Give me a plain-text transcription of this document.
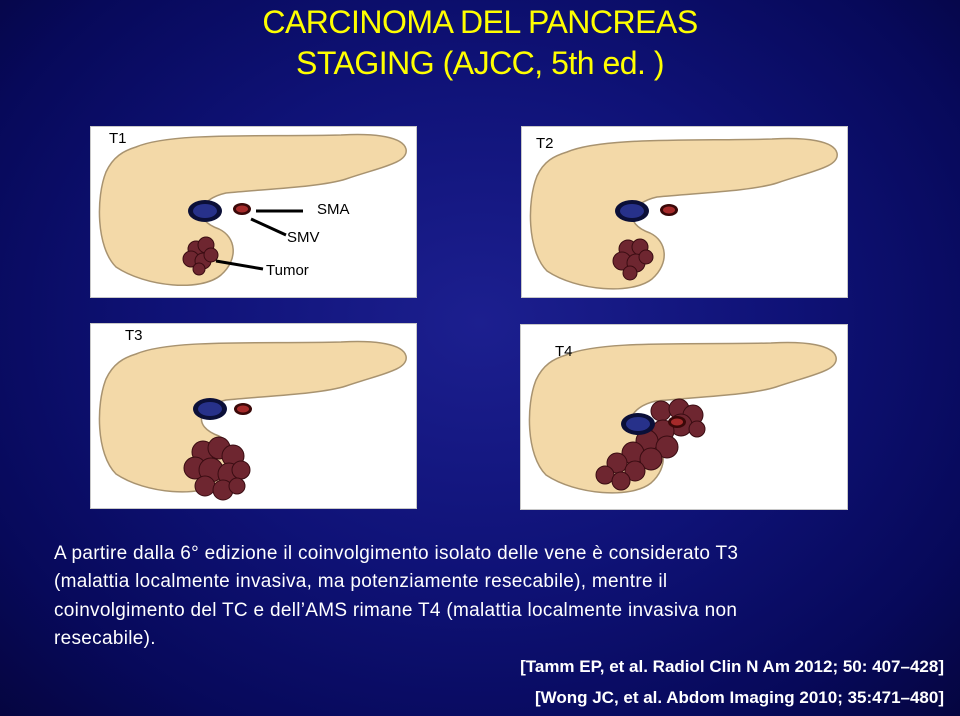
CARCINOMA DEL PANCREAS
STAGING (AJCC, 5th ed. )
T1
SMA
SMV
Tumor
T2
T3
T4
A partire dalla 6° edizione il coinvolgimento isolato delle vene è considerato T3
(malattia localmente invasiva, ma potenziamente resecabile), mentre il
coinvolgimento del TC e dell’AMS rimane T4 (malattia localmente invasiva non
resecabile).
[Tamm EP, et al. Radiol Clin N Am 2012; 50: 407–428]
[Wong JC, et al. Abdom Imaging 2010; 35:471–480]
